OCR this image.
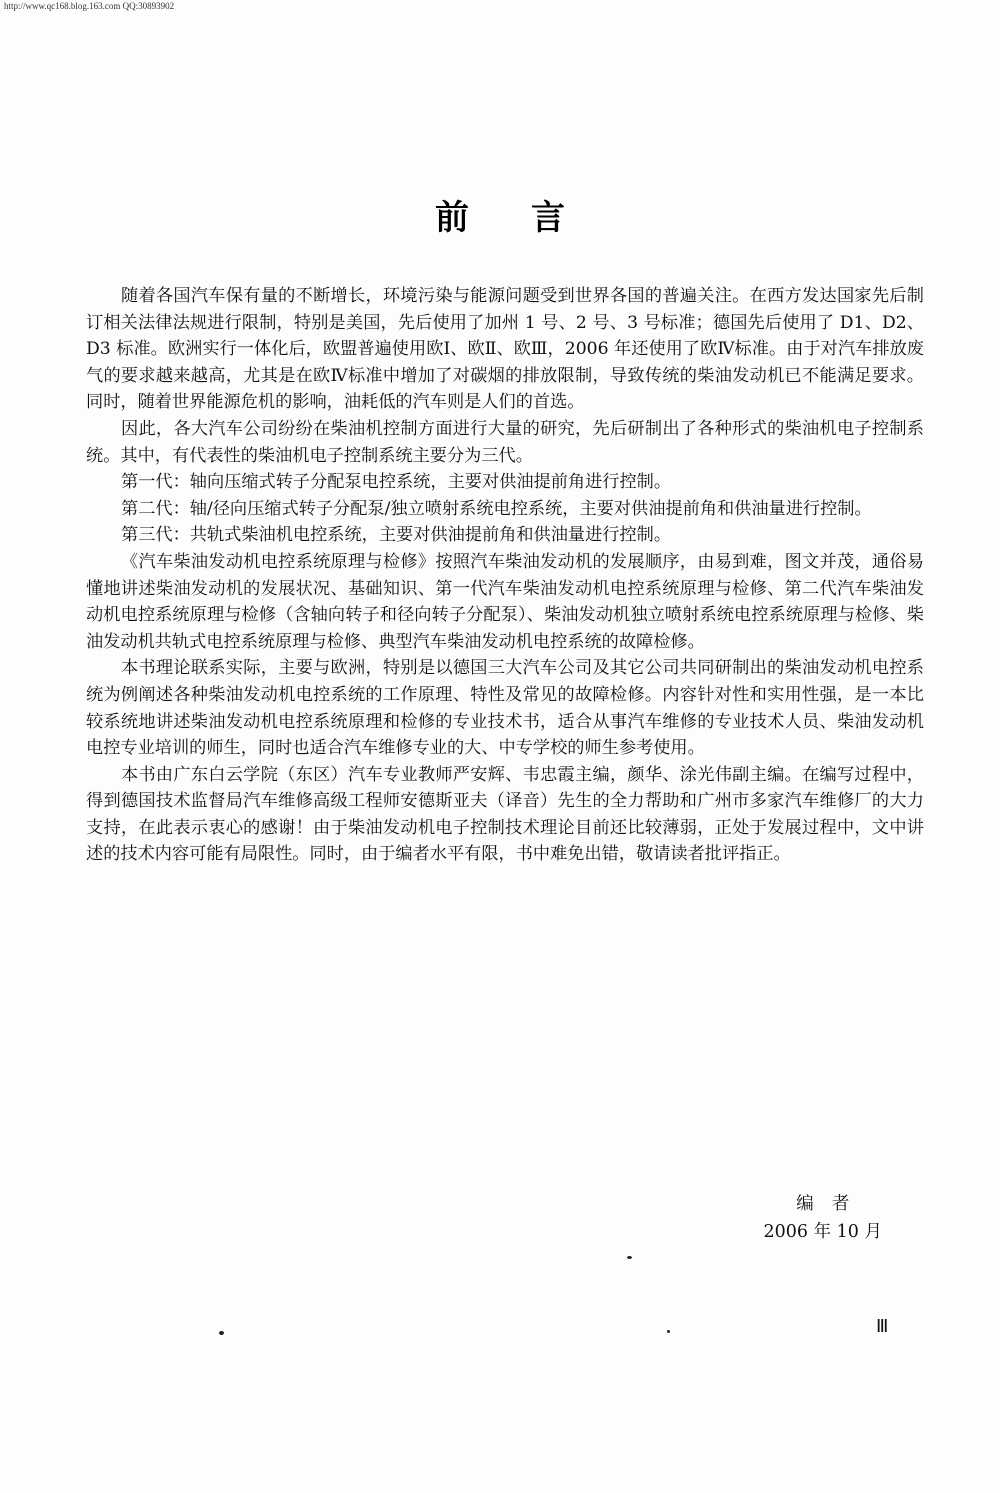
http://www.qc168.blog.163.com QQ:30893902
前 言

随着各国汽车保有量的不断增长，环境污染与能源问题受到世界各国的普遍关注。在西方发达国家先后制订相关法律法规进行限制，特别是美国，先后使用了加州 1 号、2 号、3 号标准；德国先后使用了 D1、D2、D3 标准。欧洲实行一体化后，欧盟普遍使用欧Ⅰ、欧Ⅱ、欧Ⅲ，2006 年还使用了欧Ⅳ标准。由于对汽车排放废气的要求越来越高，尤其是在欧Ⅳ标准中增加了对碳烟的排放限制，导致传统的柴油发动机已不能满足要求。同时，随着世界能源危机的影响，油耗低的汽车则是人们的首选。

因此，各大汽车公司纷纷在柴油机控制方面进行大量的研究，先后研制出了各种形式的柴油机电子控制系统。其中，有代表性的柴油机电子控制系统主要分为三代。

第一代：轴向压缩式转子分配泵电控系统，主要对供油提前角进行控制。

第二代：轴/径向压缩式转子分配泵/独立喷射系统电控系统，主要对供油提前角和供油量进行控制。

第三代：共轨式柴油机电控系统，主要对供油提前角和供油量进行控制。

《汽车柴油发动机电控系统原理与检修》按照汽车柴油发动机的发展顺序，由易到难，图文并茂，通俗易懂地讲述柴油发动机的发展状况、基础知识、第一代汽车柴油发动机电控系统原理与检修、第二代汽车柴油发动机电控系统原理与检修（含轴向转子和径向转子分配泵）、柴油发动机独立喷射系统电控系统原理与检修、柴油发动机共轨式电控系统原理与检修、典型汽车柴油发动机电控系统的故障检修。

本书理论联系实际，主要与欧洲，特别是以德国三大汽车公司及其它公司共同研制出的柴油发动机电控系统为例阐述各种柴油发动机电控系统的工作原理、特性及常见的故障检修。内容针对性和实用性强，是一本比较系统地讲述柴油发动机电控系统原理和检修的专业技术书，适合从事汽车维修的专业技术人员、柴油发动机电控专业培训的师生，同时也适合汽车维修专业的大、中专学校的师生参考使用。

本书由广东白云学院（东区）汽车专业教师严安辉、韦忠霞主编，颜华、涂光伟副主编。在编写过程中，得到德国技术监督局汽车维修高级工程师安德斯亚夫（译音）先生的全力帮助和广州市多家汽车维修厂的大力支持，在此表示衷心的感谢！由于柴油发动机电子控制技术理论目前还比较薄弱，正处于发展过程中，文中讲述的技术内容可能有局限性。同时，由于编者水平有限，书中难免出错，敬请读者批评指正。

编者
2006 年 10 月
Ⅲ
